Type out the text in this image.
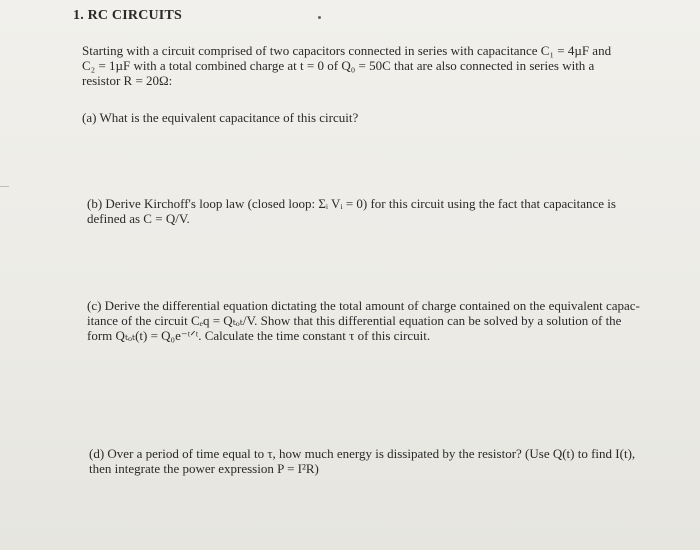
1. RC CIRCUITS
Starting with a circuit comprised of two capacitors connected in series with capacitance C₁ = 4µF and
C₂ = 1µF with a total combined charge at t = 0 of Q₀ = 50C that are also connected in series with a
resistor R = 20Ω:
(a) What is the equivalent capacitance of this circuit?
(b) Derive Kirchoff's loop law (closed loop: Σᵢ Vᵢ = 0) for this circuit using the fact that capacitance is
defined as C = Q/V.
(c) Derive the differential equation dictating the total amount of charge contained on the equivalent capac-
itance of the circuit Cₑq = Qₜₒₜ/V. Show that this differential equation can be solved by a solution of the
form Qₜₒₜ(t) = Q₀e⁻ᵗᐟᵗ. Calculate the time constant τ of this circuit.
(d) Over a period of time equal to τ, how much energy is dissipated by the resistor? (Use Q(t) to find I(t),
then integrate the power expression P = I²R)
